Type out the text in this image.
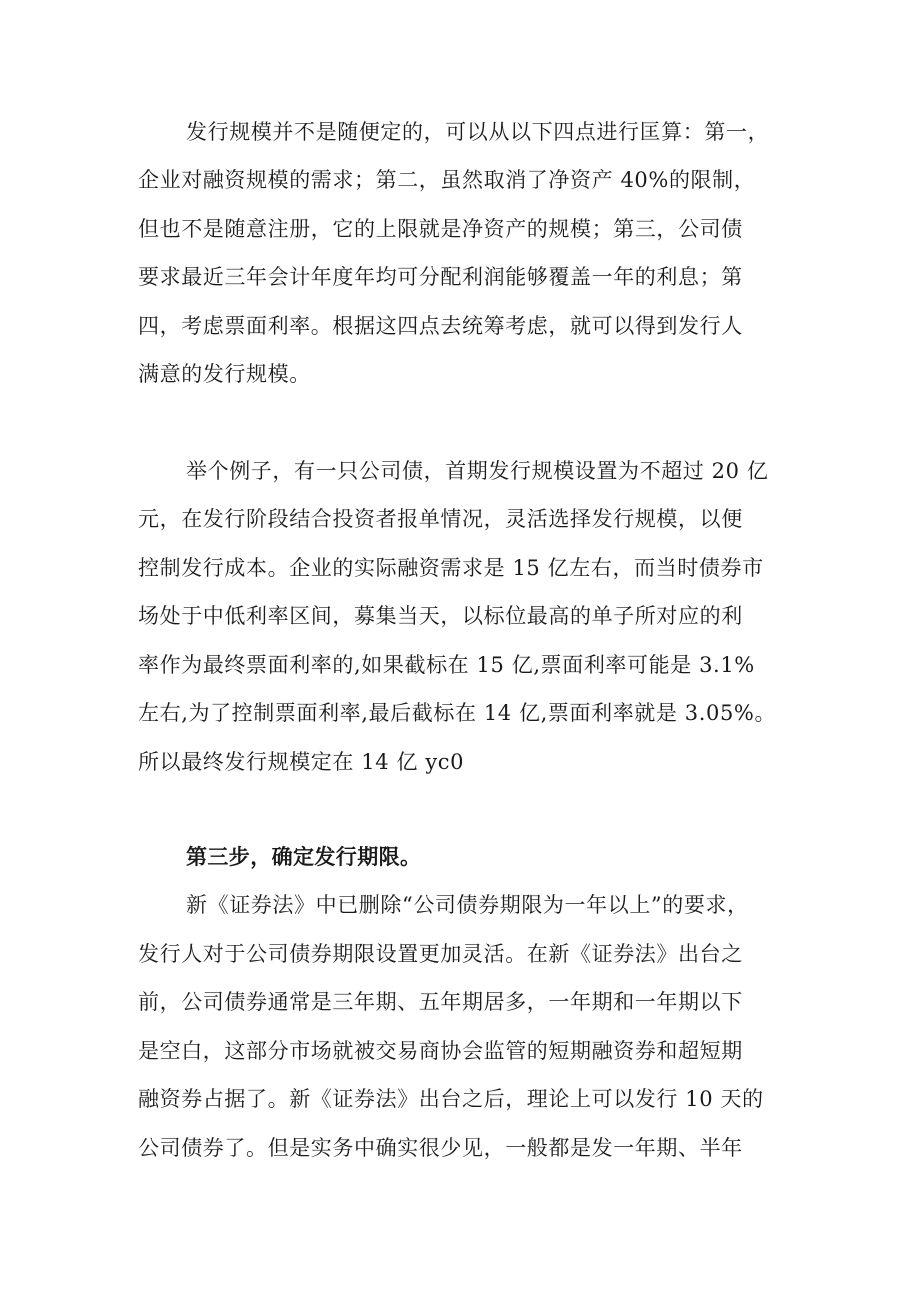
发行规模并不是随便定的，可以从以下四点进行匡算：第一，
企业对融资规模的需求；第二，虽然取消了净资产 40%的限制，
但也不是随意注册，它的上限就是净资产的规模；第三，公司债
要求最近三年会计年度年均可分配利润能够覆盖一年的利息；第
四，考虑票面利率。根据这四点去统筹考虑，就可以得到发行人
满意的发行规模。
举个例子，有一只公司债，首期发行规模设置为不超过 20 亿
元，在发行阶段结合投资者报单情况，灵活选择发行规模，以便
控制发行成本。企业的实际融资需求是 15 亿左右，而当时债券市
场处于中低利率区间，募集当天，以标位最高的单子所对应的利
率作为最终票面利率的,如果截标在 15 亿,票面利率可能是 3.1%
左右,为了控制票面利率,最后截标在 14 亿,票面利率就是 3.05%。
所以最终发行规模定在 14 亿 yc0
第三步，确定发行期限。
新《证券法》中已删除“公司债券期限为一年以上”的要求，
发行人对于公司债券期限设置更加灵活。在新《证券法》出台之
前，公司债券通常是三年期、五年期居多，一年期和一年期以下
是空白，这部分市场就被交易商协会监管的短期融资券和超短期
融资券占据了。新《证券法》出台之后，理论上可以发行 10 天的
公司债券了。但是实务中确实很少见，一般都是发一年期、半年
